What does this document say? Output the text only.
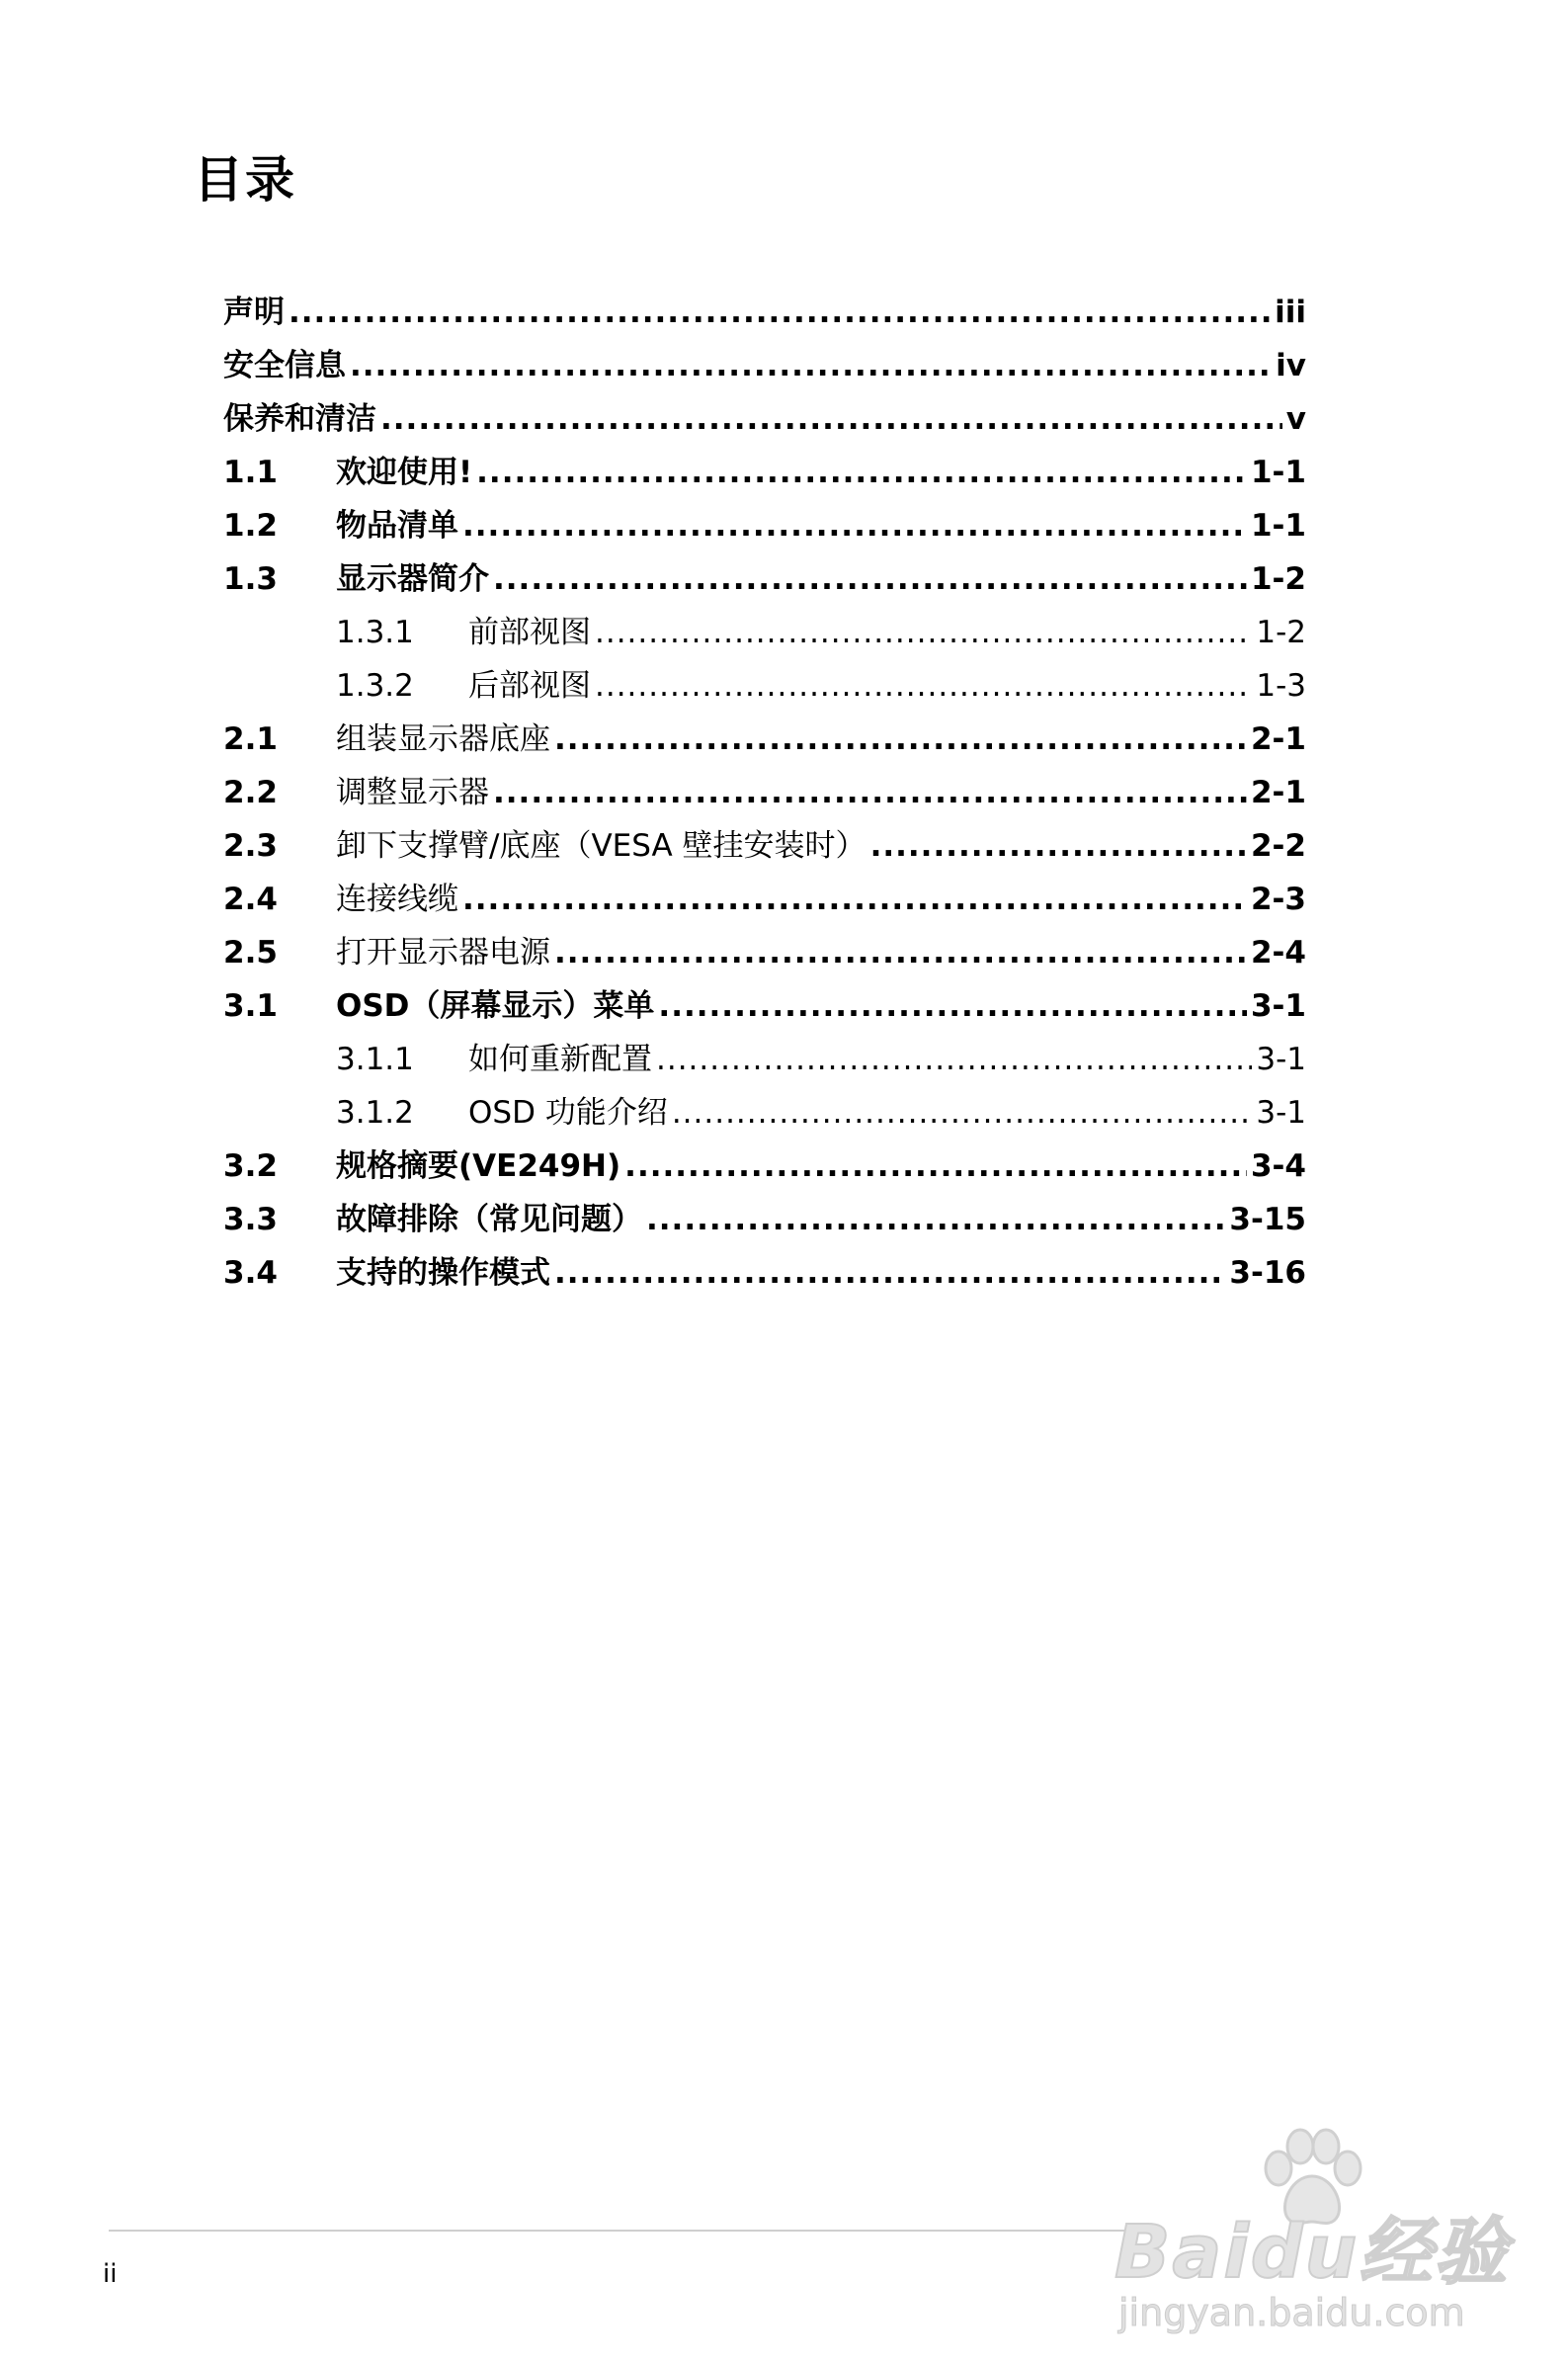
目录
声明 .....	iii
安全信息 .....	iv
保养和清洁 .....	v
1.1	欢迎使用! .....	1-1
1.2	物品清单 .....	1-1
1.3	显示器简介 .....	1-2
1.3.1	前部视图 .....	1-2
1.3.2	后部视图 .....	1-3
2.1	组装显示器底座 .....	2-1
2.2	调整显示器 .....	2-1
2.3	卸下支撑臂/底座（VESA 壁挂安装时） .....	2-2
2.4	连接线缆 .....	2-3
2.5	打开显示器电源 .....	2-4
3.1	OSD（屏幕显示）菜单 .....	3-1
3.1.1	如何重新配置 .....	3-1
3.1.2	OSD 功能介绍 .....	3-1
3.2	规格摘要(VE249H) .....	3-4
3.3	故障排除（常见问题） .....	3-15
3.4	支持的操作模式 .....	3-16
ii	Baidu经验
jingyan.baidu.com
